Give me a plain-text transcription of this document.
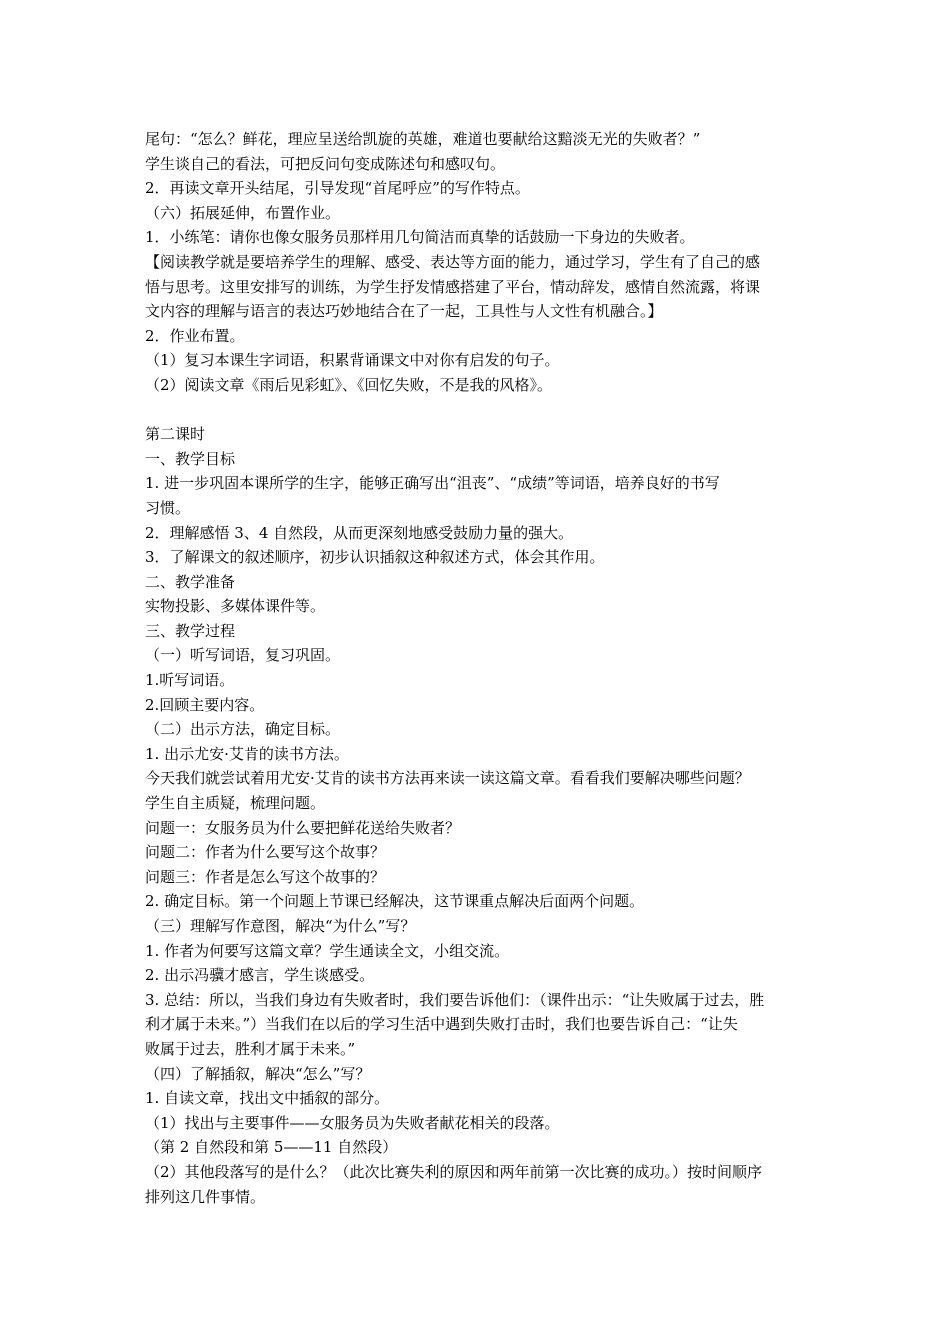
尾句：“怎么？鲜花，理应呈送给凯旋的英雄，难道也要献给这黯淡无光的失败者？”
学生谈自己的看法，可把反问句变成陈述句和感叹句。
2．再读文章开头结尾，引导发现“首尾呼应”的写作特点。
（六）拓展延伸，布置作业。
1．小练笔：请你也像女服务员那样用几句简洁而真挚的话鼓励一下身边的失败者。
【阅读教学就是要培养学生的理解、感受、表达等方面的能力，通过学习，学生有了自己的感
悟与思考。这里安排写的训练，为学生抒发情感搭建了平台，情动辞发，感情自然流露，将课
文内容的理解与语言的表达巧妙地结合在了一起，工具性与人文性有机融合。】
2．作业布置。
（1）复习本课生字词语，积累背诵课文中对你有启发的句子。
（2）阅读文章《雨后见彩虹》、《回忆失败，不是我的风格》。
第二课时
一、教学目标
1. 进一步巩固本课所学的生字，能够正确写出“沮丧”、“成绩”等词语，培养良好的书写
习惯。
2．理解感悟 3、4 自然段，从而更深刻地感受鼓励力量的强大。
3．了解课文的叙述顺序，初步认识插叙这种叙述方式，体会其作用。
二、教学准备
实物投影、多媒体课件等。
三、教学过程
（一）听写词语，复习巩固。
1.听写词语。
2.回顾主要内容。
（二）出示方法，确定目标。
1. 出示尤安·艾肯的读书方法。
今天我们就尝试着用尤安·艾肯的读书方法再来读一读这篇文章。看看我们要解决哪些问题？
学生自主质疑，梳理问题。
问题一：女服务员为什么要把鲜花送给失败者？
问题二：作者为什么要写这个故事？
问题三：作者是怎么写这个故事的？
2. 确定目标。第一个问题上节课已经解决，这节课重点解决后面两个问题。
（三）理解写作意图，解决“为什么”写？
1. 作者为何要写这篇文章？学生通读全文，小组交流。
2. 出示冯骥才感言，学生谈感受。
3. 总结：所以，当我们身边有失败者时，我们要告诉他们：（课件出示：“让失败属于过去，胜
利才属于未来。”）当我们在以后的学习生活中遇到失败打击时，我们也要告诉自己：“让失
败属于过去，胜利才属于未来。”
（四）了解插叙，解决“怎么”写？
1. 自读文章，找出文中插叙的部分。
（1）找出与主要事件——女服务员为失败者献花相关的段落。
（第 2 自然段和第 5——11 自然段）
（2）其他段落写的是什么？（此次比赛失利的原因和两年前第一次比赛的成功。）按时间顺序
排列这几件事情。
